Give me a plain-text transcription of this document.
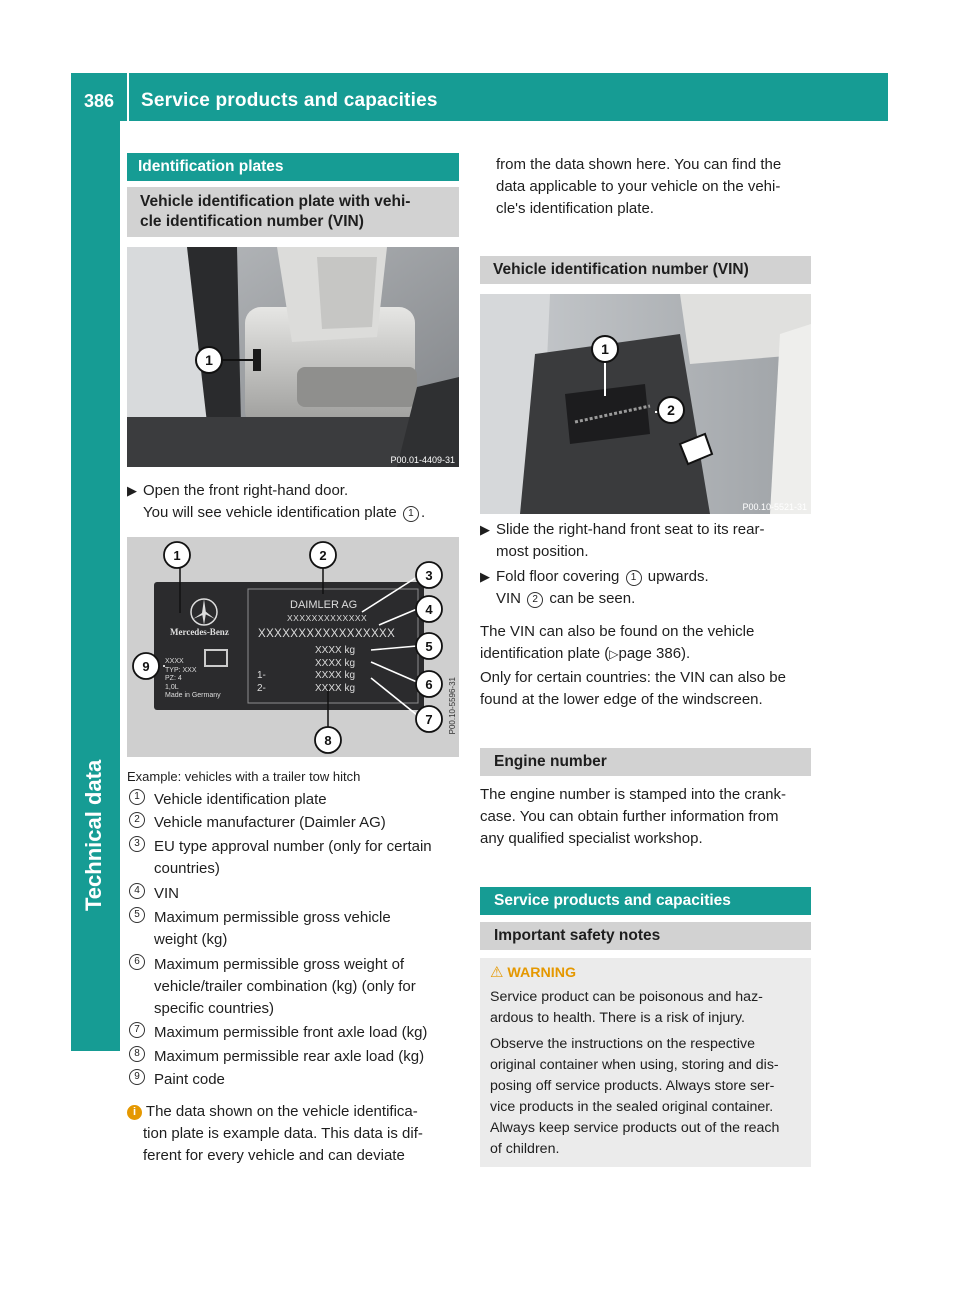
386	Service products and capacities
Technical data
Identification plates
Vehicle identification plate with vehi-
cle identification number (VIN)
1
P00.01-4409-31
▶ Open the front right-hand door.
You will see vehicle identification plate 1 .
1	2
3
4
5
6
7
8
9
Mercedes-Benz
DAIMLER AG
XXXXXXXXXXXXX
XXXXXXXXXXXXXXXXX
XXXX kg
XXXX kg
XXXX kg
XXXX kg
1-
2-
XXXX
TYP: XXX
PZ: 4
1,0L
Made in Germany	P00.10-5596-31
Example: vehicles with a trailer tow hitch
1 Vehicle identification plate
2 Vehicle manufacturer (Daimler AG)
3 EU type approval number (only for certain
countries)
4 VIN
5 Maximum permissible gross vehicle
weight (kg)
6 Maximum permissible gross weight of
vehicle/trailer combination (kg) (only for
specific countries)
7 Maximum permissible front axle load (kg)
8 Maximum permissible rear axle load (kg)
9 Paint code
i The data shown on the vehicle identifica-
tion plate is example data. This data is dif-
ferent for every vehicle and can deviate
from the data shown here. You can find the
data applicable to your vehicle on the vehi-
cle's identification plate.
Vehicle identification number (VIN)
1
2
P00.10-5521-31
▶ Slide the right-hand front seat to its rear-
most position.
▶ Fold floor covering 1 upwards.
VIN 2 can be seen.
The VIN can also be found on the vehicle
identification plate (▷page 386).
Only for certain countries: the VIN can also be
found at the lower edge of the windscreen.
Engine number
The engine number is stamped into the crank-
case. You can obtain further information from
any qualified specialist workshop.
Service products and capacities
Important safety notes
⚠ WARNING
Service product can be poisonous and haz-
ardous to health. There is a risk of injury.
Observe the instructions on the respective
original container when using, storing and dis-
posing off service products. Always store ser-
vice products in the sealed original container.
Always keep service products out of the reach
of children.
